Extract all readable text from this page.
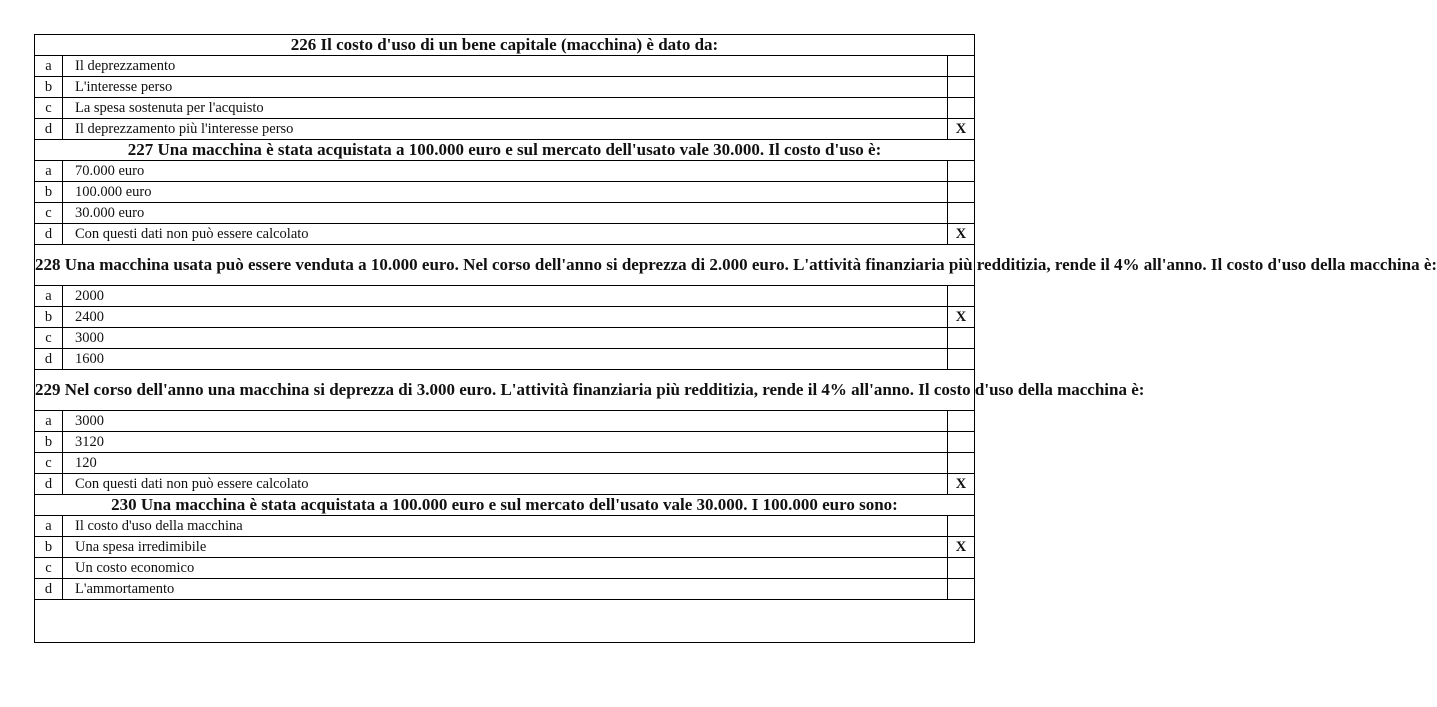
226 Il costo d'uso di un bene capitale (macchina) è dato da:		
a	Il deprezzamento	
b	L'interesse perso	
c	La spesa sostenuta per l'acquisto	
d	Il deprezzamento più l'interesse perso	X
227 Una macchina è stata acquistata a 100.000 euro e sul mercato dell'usato vale 30.000. Il costo d'uso è:		
a	70.000 euro	
b	100.000 euro	
c	30.000 euro	
d	Con questi dati non può essere calcolato	X
228 Una macchina usata può essere venduta a 10.000 euro. Nel corso dell'anno si deprezza di 2.000 euro. L'attività finanziaria più redditizia, rende il 4% all'anno. Il costo d'uso della macchina è:		
a	2000	
b	2400	X
c	3000	
d	1600	
229 Nel corso dell'anno una macchina si deprezza di 3.000 euro. L'attività finanziaria più redditizia, rende il 4% all'anno. Il costo d'uso della macchina è:		
a	3000	
b	3120	
c	120	
d	Con questi dati non può essere calcolato	X
230 Una macchina è stata acquistata a 100.000 euro e sul mercato dell'usato vale 30.000. I 100.000 euro sono:		
a	Il costo d'uso della macchina	
b	Una spesa irredimibile	X
c	Un costo economico	
d	L'ammortamento	
